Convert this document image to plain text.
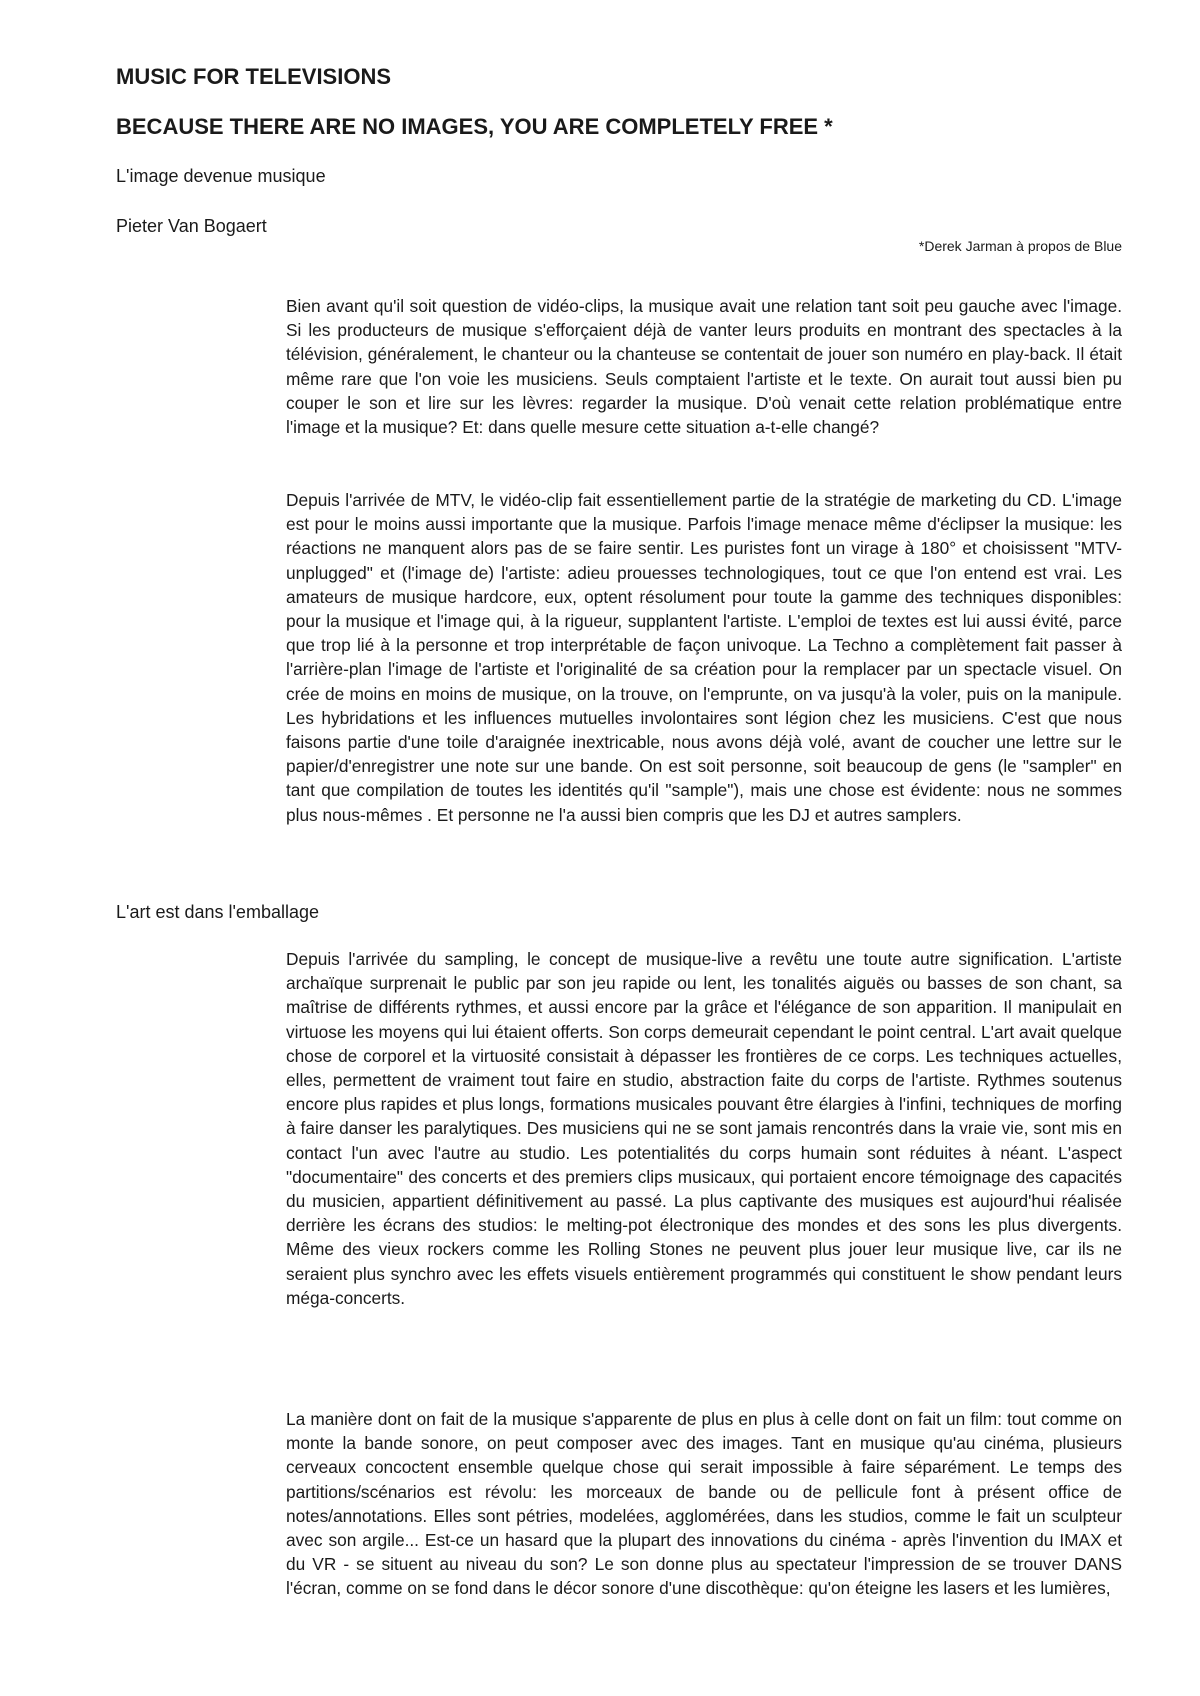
MUSIC FOR TELEVISIONS
BECAUSE THERE ARE NO IMAGES, YOU ARE COMPLETELY FREE *

L'image devenue musique

Pieter Van Bogaert

*Derek Jarman à propos de Blue

Bien avant qu'il soit question de vidéo-clips, la musique avait une relation tant soit peu gauche avec l'image. Si les producteurs de musique s'efforçaient déjà de vanter leurs produits en montrant des spectacles à la télévision, généralement, le chanteur ou la chanteuse se contentait de jouer son numéro en play-back. Il était même rare que l'on voie les musiciens. Seuls comptaient l'artiste et le texte. On aurait tout aussi bien pu couper le son et lire sur les lèvres: regarder la musique. D'où venait cette relation problématique entre l'image et la musique? Et: dans quelle mesure cette situation a-t-elle changé?

Depuis l'arrivée de MTV, le vidéo-clip fait essentiellement partie de la stratégie de marketing du CD. L'image est pour le moins aussi importante que la musique. Parfois l'image menace même d'éclipser la musique: les réactions ne manquent alors pas de se faire sentir. Les puristes font un virage à 180° et choisissent "MTV-unplugged" et (l'image de) l'artiste: adieu prouesses technologiques, tout ce que l'on entend est vrai. Les amateurs de musique hardcore, eux, optent résolument pour toute la gamme des techniques disponibles: pour la musique et l'image qui, à la rigueur, supplantent l'artiste. L'emploi de textes est lui aussi évité, parce que trop lié à la personne et trop interprétable de façon univoque. La Techno a complètement fait passer à l'arrière-plan l'image de l'artiste et l'originalité de sa création pour la remplacer par un spectacle visuel. On crée de moins en moins de musique, on la trouve, on l'emprunte, on va jusqu'à la voler, puis on la manipule. Les hybridations et les influences mutuelles involontaires sont légion chez les musiciens. C'est que nous faisons partie d'une toile d'araignée inextricable, nous avons déjà volé, avant de coucher une lettre sur le papier/d'enregistrer une note sur une bande. On est soit personne, soit beaucoup de gens (le "sampler" en tant que compilation de toutes les identités qu'il "sample"), mais une chose est évidente: nous ne sommes plus nous-mêmes . Et personne ne l'a aussi bien compris que les DJ et autres samplers.

L'art est dans l'emballage

Depuis l'arrivée du sampling, le concept de musique-live a revêtu une toute autre signification. L'artiste archaïque surprenait le public par son jeu rapide ou lent, les tonalités aiguës ou basses de son chant, sa maîtrise de différents rythmes, et aussi encore par la grâce et l'élégance de son apparition. Il manipulait en virtuose les moyens qui lui étaient offerts. Son corps demeurait cependant le point central. L'art avait quelque chose de corporel et la virtuosité consistait à dépasser les frontières de ce corps. Les techniques actuelles, elles, permettent de vraiment tout faire en studio, abstraction faite du corps de l'artiste. Rythmes soutenus encore plus rapides et plus longs, formations musicales pouvant être élargies à l'infini, techniques de morfing à faire danser les paralytiques. Des musiciens qui ne se sont jamais rencontrés dans la vraie vie, sont mis en contact l'un avec l'autre au studio. Les potentialités du corps humain sont réduites à néant. L'aspect "documentaire" des concerts et des premiers clips musicaux, qui portaient encore témoignage des capacités du musicien, appartient définitivement au passé. La plus captivante des musiques est aujourd'hui réalisée derrière les écrans des studios: le melting-pot électronique des mondes et des sons les plus divergents. Même des vieux rockers comme les Rolling Stones ne peuvent plus jouer leur musique live, car ils ne seraient plus synchro avec les effets visuels entièrement programmés qui constituent le show pendant leurs méga-concerts.

La manière dont on fait de la musique s'apparente de plus en plus à celle dont on fait un film: tout comme on monte la bande sonore, on peut composer avec des images. Tant en musique qu'au cinéma, plusieurs cerveaux concoctent ensemble quelque chose qui serait impossible à faire séparément. Le temps des partitions/scénarios est révolu: les morceaux de bande ou de pellicule font à présent office de notes/annotations. Elles sont pétries, modelées, agglomérées, dans les studios, comme le fait un sculpteur avec son argile... Est-ce un hasard que la plupart des innovations du cinéma - après l'invention du IMAX et du VR - se situent au niveau du son? Le son donne plus au spectateur l'impression de se trouver DANS l'écran, comme on se fond dans le décor sonore d'une discothèque: qu'on éteigne les lasers et les lumières,
